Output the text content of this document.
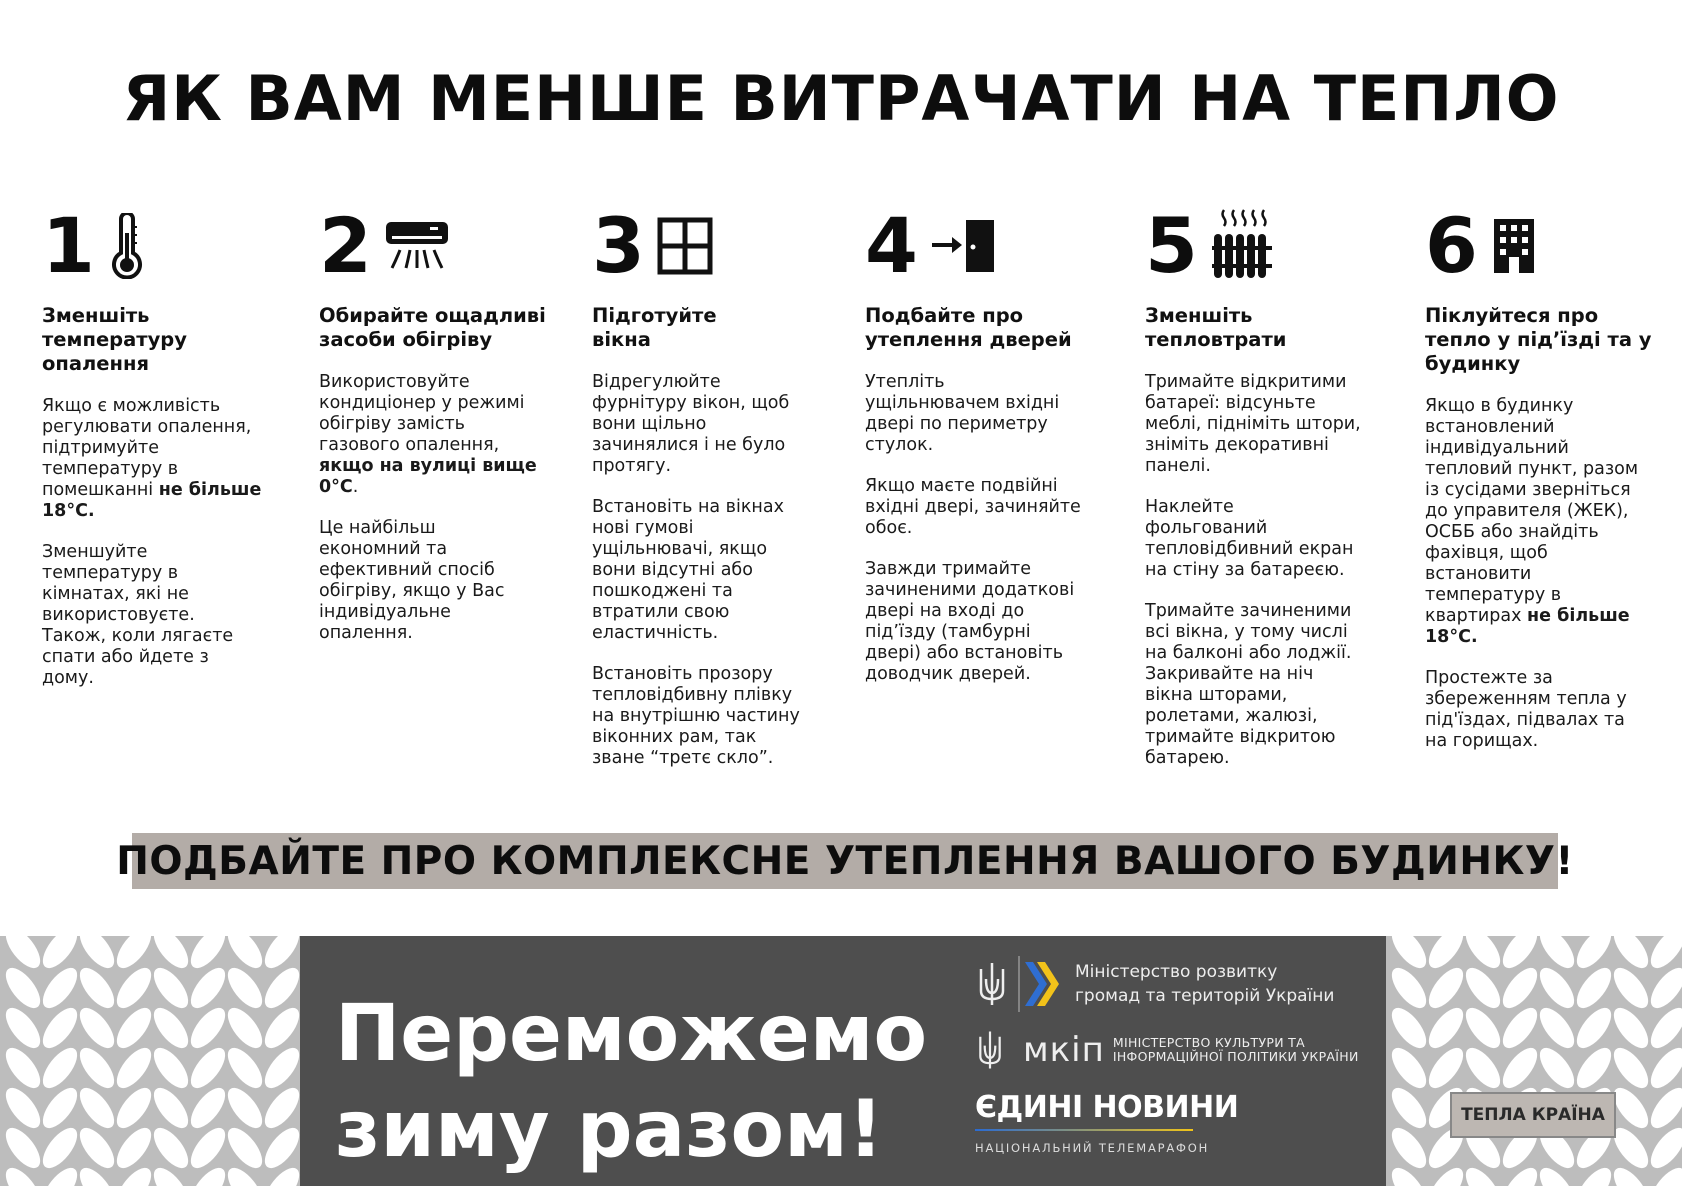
ЯК ВАМ МЕНШЕ ВИТРАЧАТИ НА ТЕПЛО
1
Зменшіть
температуру
опалення
Якщо є можливість
регулювати опалення,
підтримуйте
температуру в
помешканні не більше
18°С.
Зменшуйте
температуру в
кімнатах, які не
використовуєте.
Також, коли лягаєте
спати або йдете з
дому.
2
Обирайте ощадливі
засоби обігріву
Використовуйте
кондиціонер у режимі
обігріву замість
газового опалення,
якщо на вулиці вище
0°С.
Це найбільш
економний та
ефективний спосіб
обігріву, якщо у Вас
індивідуальне
опалення.
3
Підготуйте
вікна
Відрегулюйте
фурнітуру вікон, щоб
вони щільно
зачинялися і не було
протягу.
Встановіть на вікнах
нові гумові
ущільнювачі, якщо
вони відсутні або
пошкоджені та
втратили свою
еластичність.
Встановіть прозору
тепловідбивну плівку
на внутрішню частину
віконних рам, так
зване “третє скло”.
4
Подбайте про
утеплення дверей
Утепліть
ущільнювачем вхідні
двері по периметру
стулок.
Якщо маєте подвійні
вхідні двері, зачиняйте
обоє.
Завжди тримайте
зачиненими додаткові
двері на вході до
під’їзду (тамбурні
двері) або встановіть
доводчик дверей.
5
Зменшіть
тепловтрати
Тримайте відкритими
батареї: відсуньте
меблі, підніміть штори,
зніміть декоративні
панелі.
Наклейте
фольгований
тепловідбивний екран
на стіну за батареєю.
Тримайте зачиненими
всі вікна, у тому числі
на балконі або лоджії.
Закривайте на ніч
вікна шторами,
ролетами, жалюзі,
тримайте відкритою
батарею.
6
Піклуйтеся про
тепло у під’їзді та у
будинку
Якщо в будинку
встановлений
індивідуальний
тепловий пункт, разом
із сусідами зверніться
до управителя (ЖЕК),
ОСББ або знайдіть
фахівця, щоб
встановити
температуру в
квартирах не більше
18°С.
Простежте за
збереженням тепла у
під'їздах, підвалах та
на горищах.
ПОДБАЙТЕ ПРО КОМПЛЕКСНЕ УТЕПЛЕННЯ ВАШОГО БУДИНКУ!
Переможемо
зиму разом!
Міністерство розвитку
громад та територій України
мкіп МІНІСТЕРСТВО КУЛЬТУРИ ТА
ІНФОРМАЦІЙНОЇ ПОЛІТИКИ УКРАЇНИ
ЄДИНІ НОВИНИ
НАЦІОНАЛЬНИЙ ТЕЛЕМАРАФОН
ТЕПЛА КРАЇНА
